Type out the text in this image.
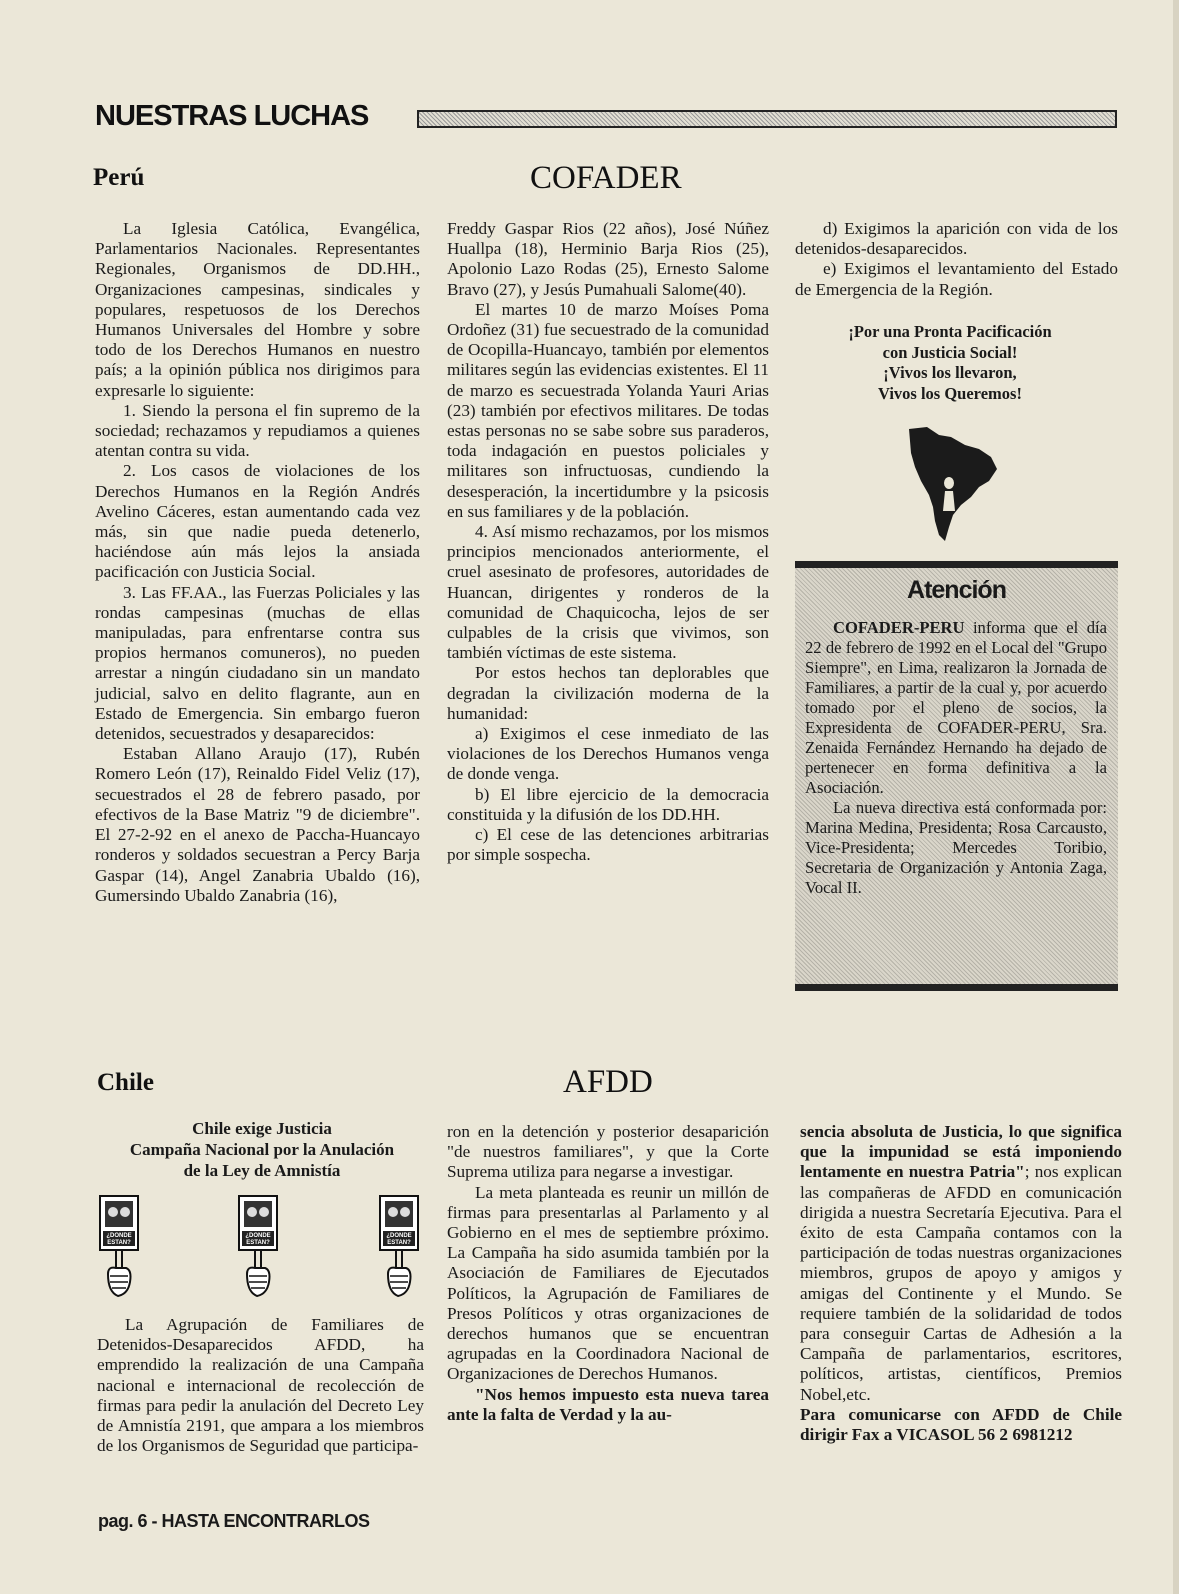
NUESTRAS LUCHAS
Perú	COFADER

La Iglesia Católica, Evangélica, Parlamentarios Nacionales. Representantes Regionales, Organismos de DD.HH., Organizaciones campesinas, sindicales y populares, respetuosos de los Derechos Humanos Universales del Hombre y sobre todo de los Derechos Humanos en nuestro país; a la opinión pública nos dirigimos para expresarle lo siguiente:

1. Siendo la persona el fin supremo de la sociedad; rechazamos y repudiamos a quienes atentan contra su vida.

2. Los casos de violaciones de los Derechos Humanos en la Región Andrés Avelino Cáceres, estan aumentando cada vez más, sin que nadie pueda detenerlo, haciéndose aún más lejos la ansiada pacificación con Justicia Social.

3. Las FF.AA., las Fuerzas Policiales y las rondas campesinas (muchas de ellas manipuladas, para enfrentarse contra sus propios hermanos comuneros), no pueden arrestar a ningún ciudadano sin un mandato judicial, salvo en delito flagrante, aun en Estado de Emergencia. Sin embargo fueron detenidos, secuestrados y desaparecidos:

Estaban Allano Araujo (17), Rubén Romero León (17), Reinaldo Fidel Veliz (17), secuestrados el 28 de febrero pasado, por efectivos de la Base Matriz "9 de diciembre". El 27-2-92 en el anexo de Paccha-Huancayo ronderos y soldados secuestran a Percy Barja Gaspar (14), Angel Zanabria Ubaldo (16), Gumersindo Ubaldo Zanabria (16),

Freddy Gaspar Rios (22 años), José Núñez Huallpa (18), Herminio Barja Rios (25), Apolonio Lazo Rodas (25), Ernesto Salome Bravo (27), y Jesús Pumahuali Salome(40).

El martes 10 de marzo Moíses Poma Ordoñez (31) fue secuestrado de la comunidad de Ocopilla-Huancayo, también por elementos militares según las evidencias existentes. El 11 de marzo es secuestrada Yolanda Yauri Arias (23) también por efectivos militares. De todas estas personas no se sabe sobre sus paraderos, toda indagación en puestos policiales y militares son infructuosas, cundiendo la desesperación, la incertidumbre y la psicosis en sus familiares y de la población.

4. Así mismo rechazamos, por los mismos principios mencionados anteriormente, el cruel asesinato de profesores, autoridades de Huancan, dirigentes y ronderos de la comunidad de Chaquicocha, lejos de ser culpables de la crisis que vivimos, son también víctimas de este sistema.

Por estos hechos tan deplorables que degradan la civilización moderna de la humanidad:

a) Exigimos el cese inmediato de las violaciones de los Derechos Humanos venga de donde venga.

b) El libre ejercicio de la democracia constituida y la difusión de los DD.HH.

c) El cese de las detenciones arbitrarias por simple sospecha.

d) Exigimos la aparición con vida de los detenidos-desaparecidos.

e) Exigimos el levantamiento del Estado de Emergencia de la Región.

¡Por una Pronta Pacificación
con Justicia Social!
¡Vivos los llevaron,
Vivos los Queremos!
Atención

COFADER-PERU informa que el día 22 de febrero de 1992 en el Local del "Grupo Siempre", en Lima, realizaron la Jornada de Familiares, a partir de la cual y, por acuerdo tomado por el pleno de socios, la Expresidenta de COFADER-PERU, Sra. Zenaida Fernández Hernando ha dejado de pertenecer en forma definitiva a la Asociación.

La nueva directiva está conformada por: Marina Medina, Presidenta; Rosa Carcausto, Vice-Presidenta; Mercedes Toribio, Secretaria de Organización y Antonia Zaga, Vocal II.

Chile	AFDD
Chile exige Justicia
Campaña Nacional por la Anulación
de la Ley de Amnistía
¿DONDE
ESTAN?
¿DONDE
ESTAN?
¿DONDE
ESTAN?

La Agrupación de Familiares de Detenidos-Desaparecidos AFDD, ha emprendido la realización de una Campaña nacional e internacional de recolección de firmas para pedir la anulación del Decreto Ley de Amnistía 2191, que ampara a los miembros de los Organismos de Seguridad que participa-

ron en la detención y posterior desaparición "de nuestros familiares", y que la Corte Suprema utiliza para negarse a investigar.

La meta planteada es reunir un millón de firmas para presentarlas al Parlamento y al Gobierno en el mes de septiembre próximo. La Campaña ha sido asumida también por la Asociación de Familiares de Ejecutados Políticos, la Agrupación de Familiares de Presos Políticos y otras organizaciones de derechos humanos que se encuentran agrupadas en la Coordinadora Nacional de Organizaciones de Derechos Humanos.

"Nos hemos impuesto esta nueva tarea ante la falta de Verdad y la au-

sencia absoluta de Justicia, lo que significa que la impunidad se está imponiendo lentamente en nuestra Patria"; nos explican las compañeras de AFDD en comunicación dirigida a nuestra Secretaría Ejecutiva. Para el éxito de esta Campaña contamos con la participación de todas nuestras organizaciones miembros, grupos de apoyo y amigos y amigas del Continente y el Mundo. Se requiere también de la solidaridad de todos para conseguir Cartas de Adhesión a la Campaña de parlamentarios, escritores, políticos, artistas, científicos, Premios Nobel,etc.

Para comunicarse con AFDD de Chile dirigir Fax a VICASOL 56 2 6981212

pag. 6 - HASTA ENCONTRARLOS
